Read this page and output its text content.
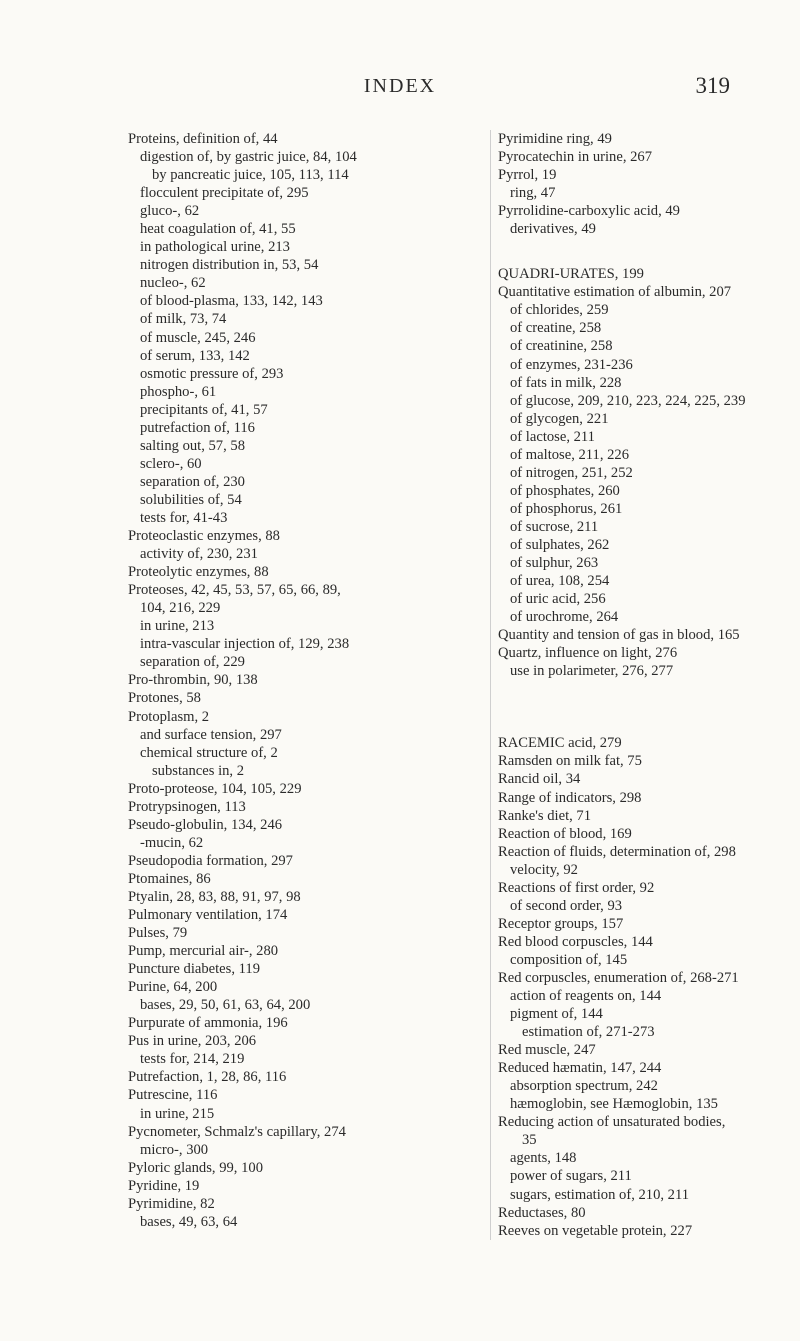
INDEX	319
Proteins, definition of, 44
digestion of, by gastric juice, 84, 104
by pancreatic juice, 105, 113, 114
flocculent precipitate of, 295
gluco-, 62
heat coagulation of, 41, 55
in pathological urine, 213
nitrogen distribution in, 53, 54
nucleo-, 62
of blood-plasma, 133, 142, 143
of milk, 73, 74
of muscle, 245, 246
of serum, 133, 142
osmotic pressure of, 293
phospho-, 61
precipitants of, 41, 57
putrefaction of, 116
salting out, 57, 58
sclero-, 60
separation of, 230
solubilities of, 54
tests for, 41-43
Proteoclastic enzymes, 88
activity of, 230, 231
Proteolytic enzymes, 88
Proteoses, 42, 45, 53, 57, 65, 66, 89,
104, 216, 229
in urine, 213
intra-vascular injection of, 129, 238
separation of, 229
Pro-thrombin, 90, 138
Protones, 58
Protoplasm, 2
and surface tension, 297
chemical structure of, 2
substances in, 2
Proto-proteose, 104, 105, 229
Protrypsinogen, 113
Pseudo-globulin, 134, 246
-mucin, 62
Pseudopodia formation, 297
Ptomaines, 86
Ptyalin, 28, 83, 88, 91, 97, 98
Pulmonary ventilation, 174
Pulses, 79
Pump, mercurial air-, 280
Puncture diabetes, 119
Purine, 64, 200
bases, 29, 50, 61, 63, 64, 200
Purpurate of ammonia, 196
Pus in urine, 203, 206
tests for, 214, 219
Putrefaction, 1, 28, 86, 116
Putrescine, 116
in urine, 215
Pycnometer, Schmalz's capillary, 274
micro-, 300
Pyloric glands, 99, 100
Pyridine, 19
Pyrimidine, 82
bases, 49, 63, 64
Pyrimidine ring, 49
Pyrocatechin in urine, 267
Pyrrol, 19
ring, 47
Pyrrolidine-carboxylic acid, 49
derivatives, 49
QUADRI-URATES, 199
Quantitative estimation of albumin, 207
of chlorides, 259
of creatine, 258
of creatinine, 258
of enzymes, 231-236
of fats in milk, 228
of glucose, 209, 210, 223, 224, 225, 239
of glycogen, 221
of lactose, 211
of maltose, 211, 226
of nitrogen, 251, 252
of phosphates, 260
of phosphorus, 261
of sucrose, 211
of sulphates, 262
of sulphur, 263
of urea, 108, 254
of uric acid, 256
of urochrome, 264
Quantity and tension of gas in blood, 165
Quartz, influence on light, 276
use in polarimeter, 276, 277
RACEMIC acid, 279
Ramsden on milk fat, 75
Rancid oil, 34
Range of indicators, 298
Ranke's diet, 71
Reaction of blood, 169
Reaction of fluids, determination of, 298
velocity, 92
Reactions of first order, 92
of second order, 93
Receptor groups, 157
Red blood corpuscles, 144
composition of, 145
Red corpuscles, enumeration of, 268-271
action of reagents on, 144
pigment of, 144
estimation of, 271-273
Red muscle, 247
Reduced hæmatin, 147, 244
absorption spectrum, 242
hæmoglobin, see Hæmoglobin, 135
Reducing action of unsaturated bodies,
35
agents, 148
power of sugars, 211
sugars, estimation of, 210, 211
Reductases, 80
Reeves on vegetable protein, 227
